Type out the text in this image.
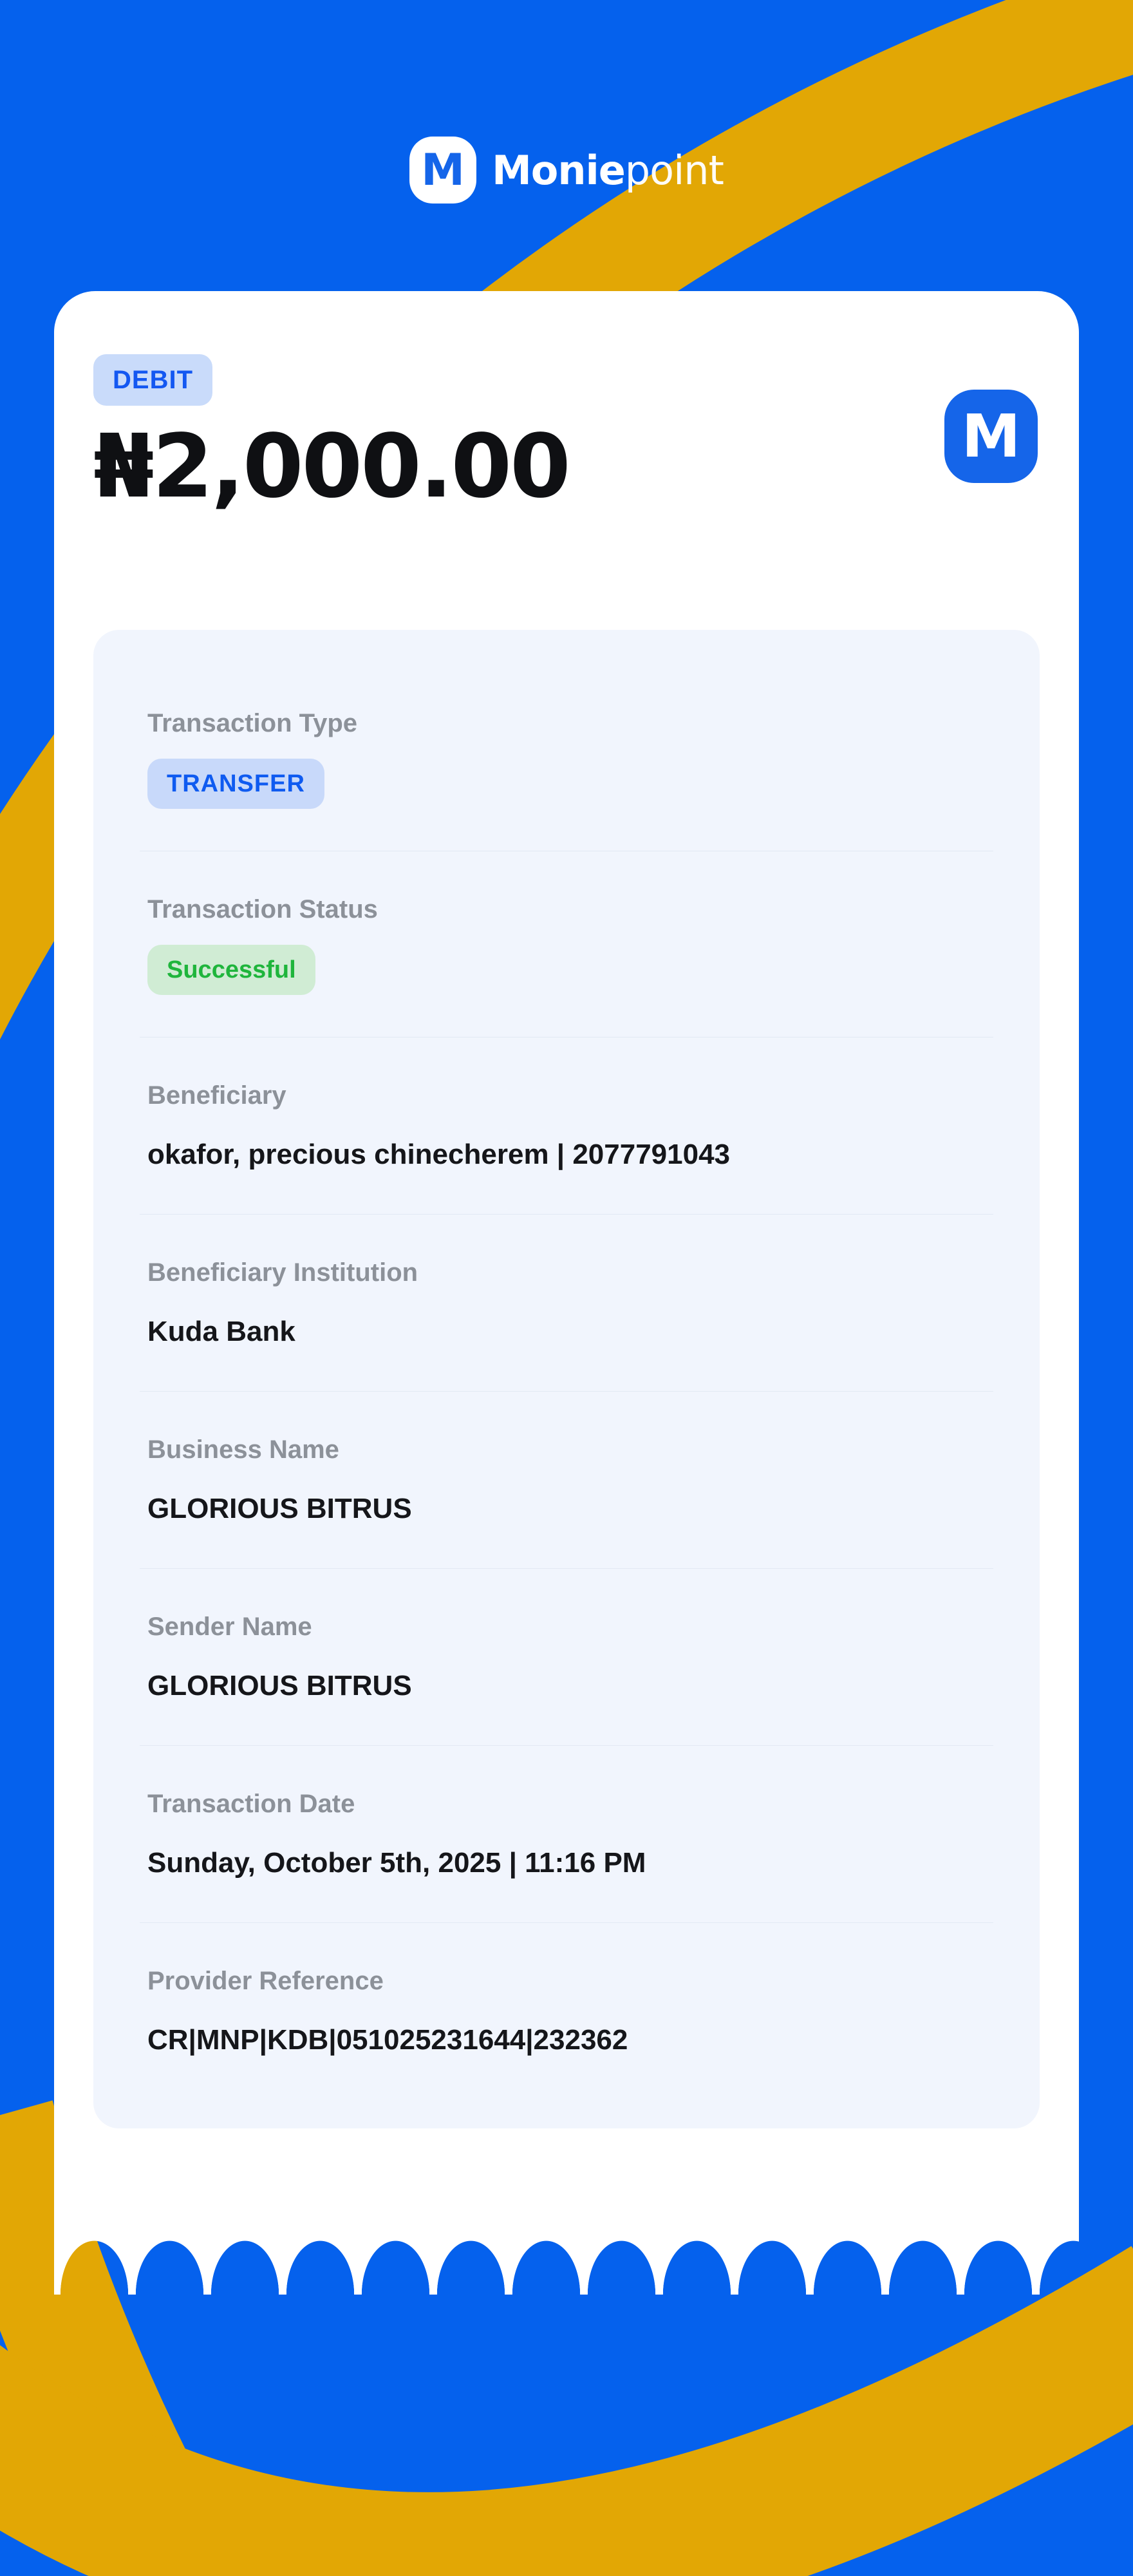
M Moniepoint
DEBIT
₦2,000.00	M
Transaction Type
TRANSFER
Transaction Status
Successful
Beneficiary
okafor, precious chinecherem | 2077791043
Beneficiary Institution
Kuda Bank
Business Name
GLORIOUS BITRUS
Sender Name
GLORIOUS BITRUS
Transaction Date
Sunday, October 5th, 2025 | 11:16 PM
Provider Reference
CR|MNP|KDB|051025231644|232362
